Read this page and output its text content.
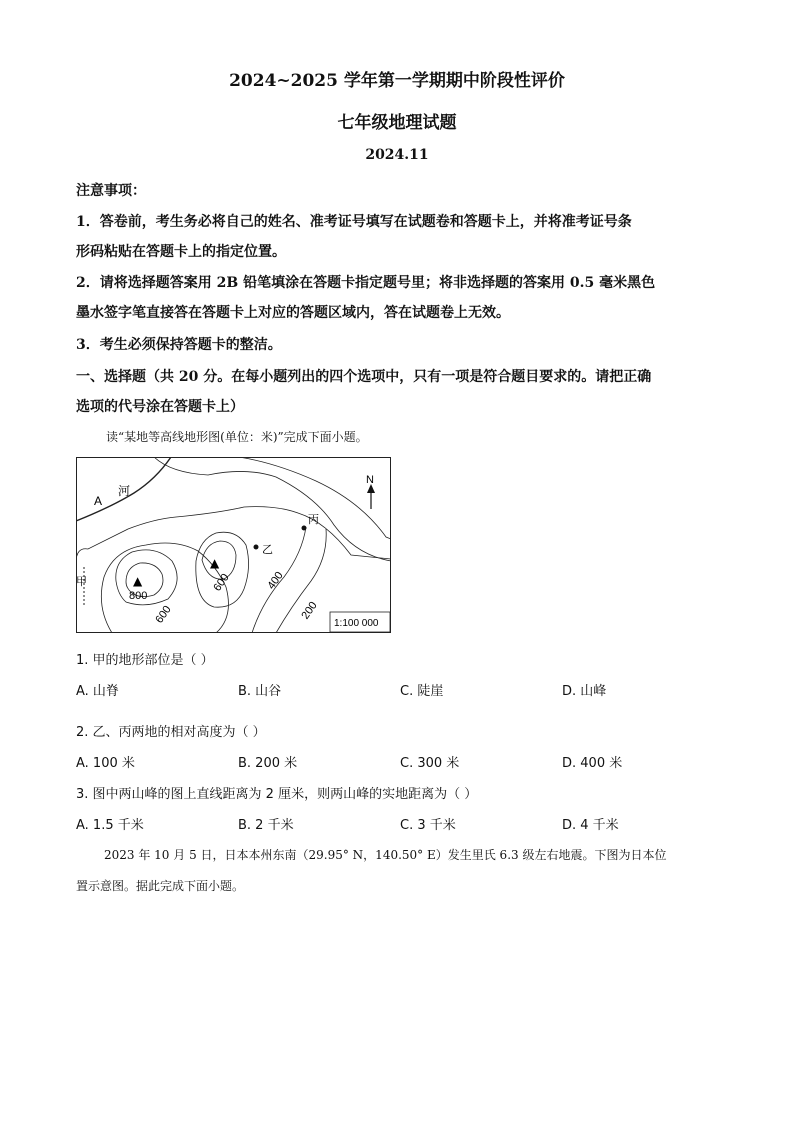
2024~2025 学年第一学期期中阶段性评价
七年级地理试题
2024.11
注意事项：
1．答卷前，考生务必将自己的姓名、准考证号填写在试题卷和答题卡上，并将准考证号条
形码粘贴在答题卡上的指定位置。
2．请将选择题答案用 2B 铅笔填涂在答题卡指定题号里；将非选择题的答案用 0.5 毫米黑色
墨水签字笔直接答在答题卡上对应的答题区域内，答在试题卷上无效。
3．考生必须保持答题卡的整洁。
一、选择题（共 20 分。在每小题列出的四个选项中，只有一项是符合题目要求的。请把正确
选项的代号涂在答题卡上）
读“某地等高线地形图(单位：米)”完成下面小题。
A
河
N
丙
乙
甲	▲
▲
800
600
600	400
200
1:100 000
1. 甲的地形部位是（ ）
A. 山脊	B. 山谷	C. 陡崖	D. 山峰
2. 乙、丙两地的相对高度为（ ）
A. 100 米	B. 200 米	C. 300 米	D. 400 米
3. 图中两山峰的图上直线距离为 2 厘米，则两山峰的实地距离为（ ）
A. 1.5 千米	B. 2 千米	C. 3 千米	D. 4 千米
2023 年 10 月 5 日，日本本州东南（29.95° N，140.50° E）发生里氏 6.3 级左右地震。下图为日本位
置示意图。据此完成下面小题。
